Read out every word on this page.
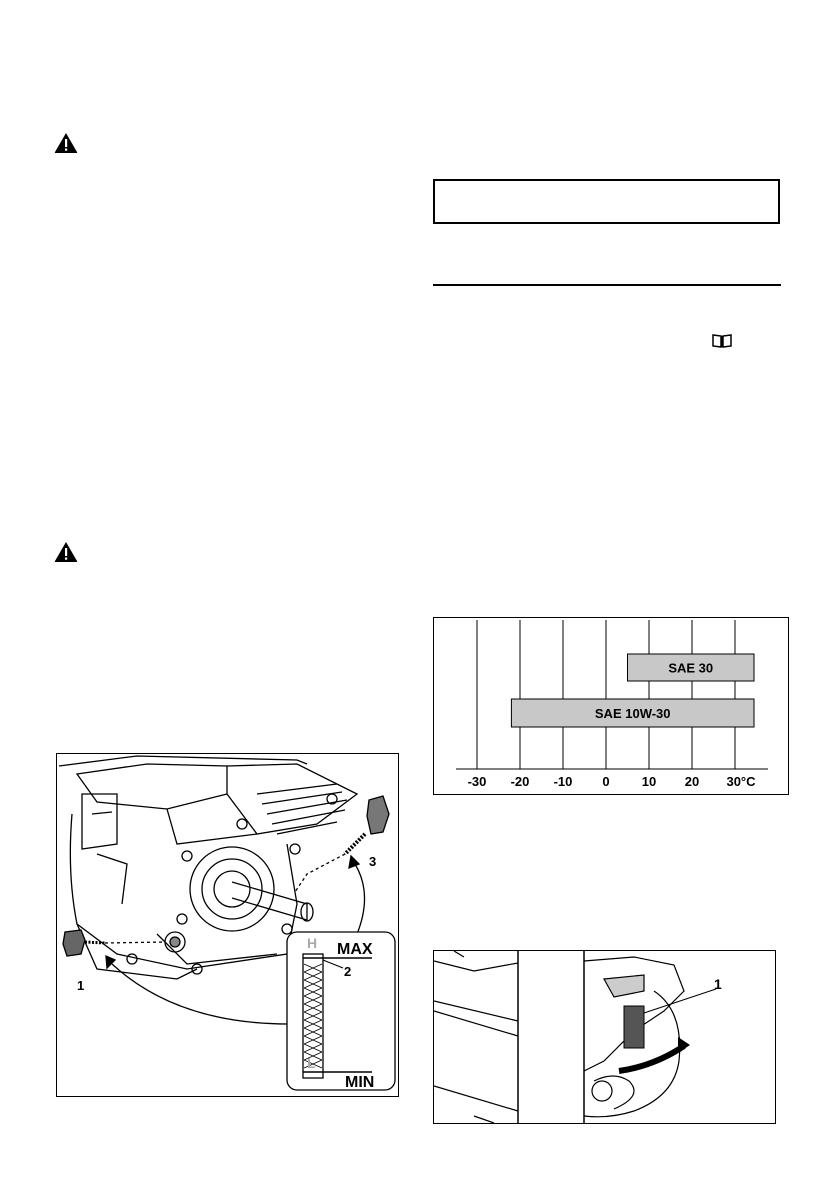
-30 -20 -10 0 10 20 30°C
SAE 30
SAE 10W-30
H
L
MAX
MIN
2
1
3
1
